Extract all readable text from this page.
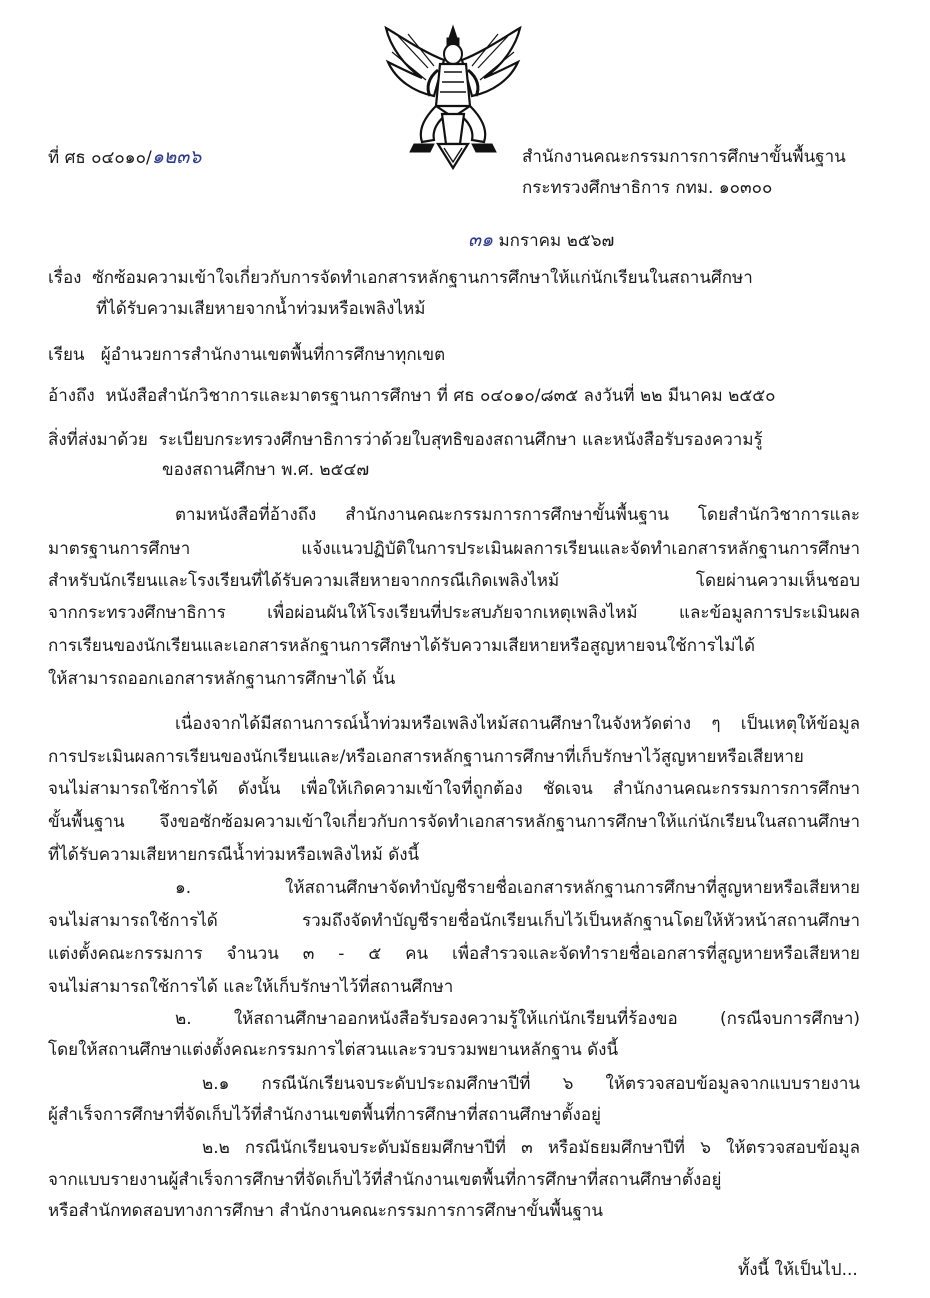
ที่ ศธ ๐๔๐๑๐/๑๒๓๖	สำนักงานคณะกรรมการการศึกษาขั้นพื้นฐาน
กระทรวงศึกษาธิการ กทม. ๑๐๓๐๐
๓๑ มกราคม ๒๕๖๗
เรื่อง ซักซ้อมความเข้าใจเกี่ยวกับการจัดทำเอกสารหลักฐานการศึกษาให้แก่นักเรียนในสถานศึกษา
ที่ได้รับความเสียหายจากน้ำท่วมหรือเพลิงไหม้
เรียน ผู้อำนวยการสำนักงานเขตพื้นที่การศึกษาทุกเขต
อ้างถึง หนังสือสำนักวิชาการและมาตรฐานการศึกษา ที่ ศธ ๐๔๐๑๐/๘๓๕ ลงวันที่ ๒๒ มีนาคม ๒๕๕๐
สิ่งที่ส่งมาด้วย ระเบียบกระทรวงศึกษาธิการว่าด้วยใบสุทธิของสถานศึกษา และหนังสือรับรองความรู้
ของสถานศึกษา พ.ศ. ๒๕๔๗
ตามหนังสือที่อ้างถึง สำนักงานคณะกรรมการการศึกษาขั้นพื้นฐาน โดยสำนักวิชาการและ
มาตรฐานการศึกษา แจ้งแนวปฏิบัติในการประเมินผลการเรียนและจัดทำเอกสารหลักฐานการศึกษา
สำหรับนักเรียนและโรงเรียนที่ได้รับความเสียหายจากกรณีเกิดเพลิงไหม้ โดยผ่านความเห็นชอบ
จากกระทรวงศึกษาธิการ เพื่อผ่อนผันให้โรงเรียนที่ประสบภัยจากเหตุเพลิงไหม้ และข้อมูลการประเมินผล
การเรียนของนักเรียนและเอกสารหลักฐานการศึกษาได้รับความเสียหายหรือสูญหายจนใช้การไม่ได้
ให้สามารถออกเอกสารหลักฐานการศึกษาได้ นั้น
เนื่องจากได้มีสถานการณ์น้ำท่วมหรือเพลิงไหม้สถานศึกษาในจังหวัดต่าง ๆ เป็นเหตุให้ข้อมูล
การประเมินผลการเรียนของนักเรียนและ/หรือเอกสารหลักฐานการศึกษาที่เก็บรักษาไว้สูญหายหรือเสียหาย
จนไม่สามารถใช้การได้ ดังนั้น เพื่อให้เกิดความเข้าใจที่ถูกต้อง ชัดเจน สำนักงานคณะกรรมการการศึกษา
ขั้นพื้นฐาน จึงขอซักซ้อมความเข้าใจเกี่ยวกับการจัดทำเอกสารหลักฐานการศึกษาให้แก่นักเรียนในสถานศึกษา
ที่ได้รับความเสียหายกรณีน้ำท่วมหรือเพลิงไหม้ ดังนี้
๑. ให้สถานศึกษาจัดทำบัญชีรายชื่อเอกสารหลักฐานการศึกษาที่สูญหายหรือเสียหาย
จนไม่สามารถใช้การได้ รวมถึงจัดทำบัญชีรายชื่อนักเรียนเก็บไว้เป็นหลักฐานโดยให้หัวหน้าสถานศึกษา
แต่งตั้งคณะกรรมการ จำนวน ๓ - ๕ คน เพื่อสำรวจและจัดทำรายชื่อเอกสารที่สูญหายหรือเสียหาย
จนไม่สามารถใช้การได้ และให้เก็บรักษาไว้ที่สถานศึกษา
๒. ให้สถานศึกษาออกหนังสือรับรองความรู้ให้แก่นักเรียนที่ร้องขอ (กรณีจบการศึกษา)
โดยให้สถานศึกษาแต่งตั้งคณะกรรมการไต่สวนและรวบรวมพยานหลักฐาน ดังนี้
๒.๑ กรณีนักเรียนจบระดับประถมศึกษาปีที่ ๖ ให้ตรวจสอบข้อมูลจากแบบรายงาน
ผู้สำเร็จการศึกษาที่จัดเก็บไว้ที่สำนักงานเขตพื้นที่การศึกษาที่สถานศึกษาตั้งอยู่
๒.๒ กรณีนักเรียนจบระดับมัธยมศึกษาปีที่ ๓ หรือมัธยมศึกษาปีที่ ๖ ให้ตรวจสอบข้อมูล
จากแบบรายงานผู้สำเร็จการศึกษาที่จัดเก็บไว้ที่สำนักงานเขตพื้นที่การศึกษาที่สถานศึกษาตั้งอยู่
หรือสำนักทดสอบทางการศึกษา สำนักงานคณะกรรมการการศึกษาขั้นพื้นฐาน
ทั้งนี้ ให้เป็นไป...
